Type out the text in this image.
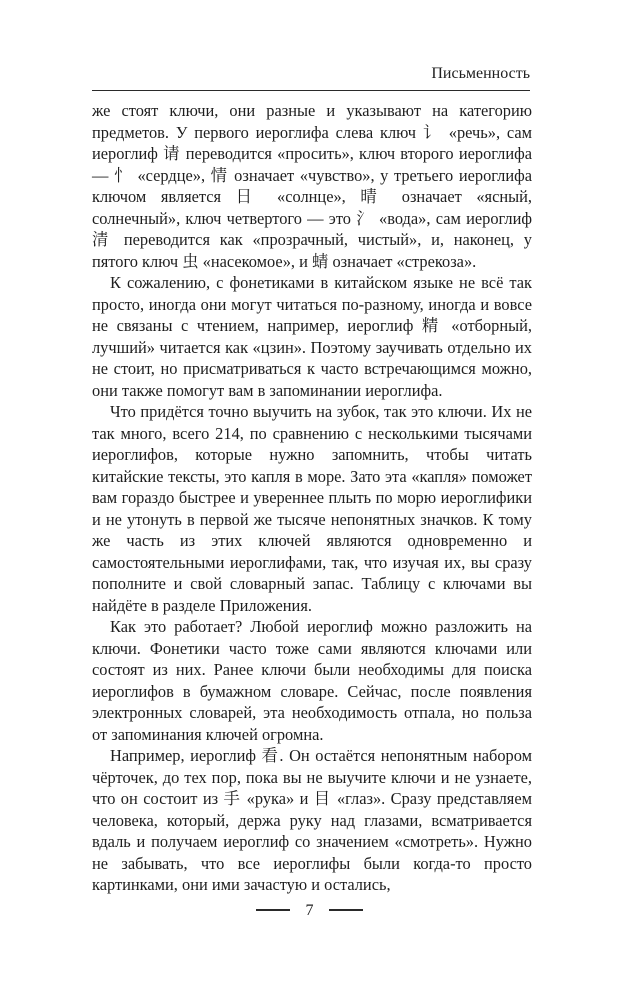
Письменность

же стоят ключи, они разные и указывают на категорию предметов. У первого иероглифа слева ключ 讠 «речь», сам иероглиф 请 переводится «просить», ключ второго иероглифа — 忄 «сердце», 情 означает «чувство», у третьего иероглифа ключом является 日 «солнце», 晴 означает «ясный, солнечный», ключ четвертого — это 氵 «вода», сам иероглиф 清 переводится как «прозрачный, чистый», и, наконец, у пятого ключ 虫 «насекомое», и 蜻 означает «стрекоза».

К сожалению, с фонетиками в китайском языке не всё так просто, иногда они могут читаться по-разному, иногда и вовсе не связаны с чтением, например, иероглиф 精 «отборный, лучший» читается как «цзин». Поэтому заучивать отдельно их не стоит, но присматриваться к часто встречающимся можно, они также помогут вам в запоминании иероглифа.

Что придётся точно выучить на зубок, так это ключи. Их не так много, всего 214, по сравнению с несколькими тысячами иероглифов, которые нужно запомнить, чтобы читать китайские тексты, это капля в море. Зато эта «капля» поможет вам гораздо быстрее и увереннее плыть по морю иероглифики и не утонуть в первой же тысяче непонятных значков. К тому же часть из этих ключей являются одновременно и самостоятельными иероглифами, так, что изучая их, вы сразу пополните и свой словарный запас. Таблицу с ключами вы найдёте в разделе Приложения.

Как это работает? Любой иероглиф можно разложить на ключи. Фонетики часто тоже сами являются ключами или состоят из них. Ранее ключи были необходимы для поиска иероглифов в бумажном словаре. Сейчас, после появления электронных словарей, эта необходимость отпала, но польза от запоминания ключей огромна.

Например, иероглиф 看. Он остаётся непонятным набором чёрточек, до тех пор, пока вы не выучите ключи и не узнаете, что он состоит из 手 «рука» и 目 «глаз». Сразу представляем человека, который, держа руку над глазами, всматривается вдаль и получаем иероглиф со значением «смотреть». Нужно не забывать, что все иероглифы были когда-то просто картинками, они ими зачастую и остались,

7
